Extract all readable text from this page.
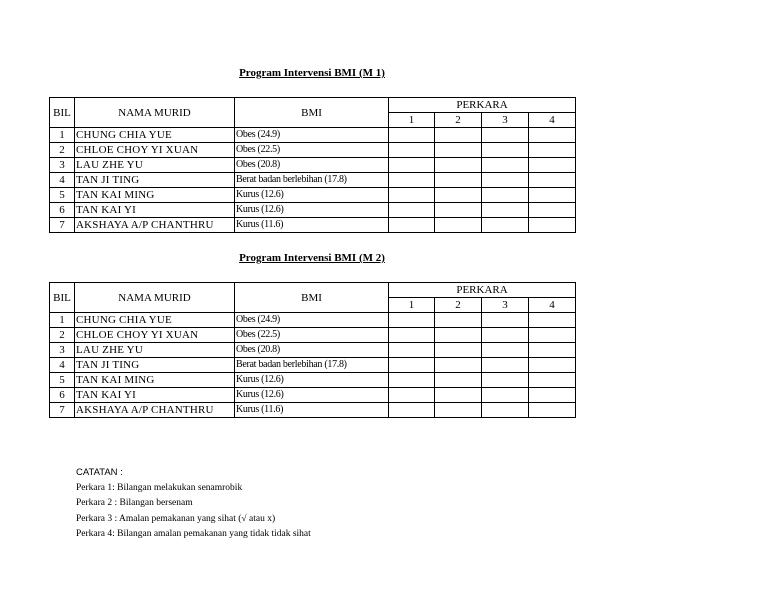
Program Intervensi BMI (M 1)
BIL	NAMA MURID	BMI	PERKARA			
			1	2	3	4
1	CHUNG CHIA YUE	Obes (24.9)				
2	CHLOE CHOY YI XUAN	Obes (22.5)				
3	LAU ZHE YU	Obes (20.8)				
4	TAN JI TING	Berat badan berlebihan (17.8)				
5	TAN KAI MING	Kurus (12.6)				
6	TAN KAI YI	Kurus (12.6)				
7	AKSHAYA A/P CHANTHRU	Kurus (11.6)				
Program Intervensi BMI (M 2)
BIL	NAMA MURID	BMI	PERKARA			
			1	2	3	4
1	CHUNG CHIA YUE	Obes (24.9)				
2	CHLOE CHOY YI XUAN	Obes (22.5)				
3	LAU ZHE YU	Obes (20.8)				
4	TAN JI TING	Berat badan berlebihan (17.8)				
5	TAN KAI MING	Kurus (12.6)				
6	TAN KAI YI	Kurus (12.6)				
7	AKSHAYA A/P CHANTHRU	Kurus (11.6)				
CATATAN :
Perkara 1: Bilangan melakukan senamrobik
Perkara 2 : Bilangan bersenam
Perkara 3 : Amalan pemakanan yang sihat (√ atau x)
Perkara 4: Bilangan amalan pemakanan yang tidak tidak sihat
